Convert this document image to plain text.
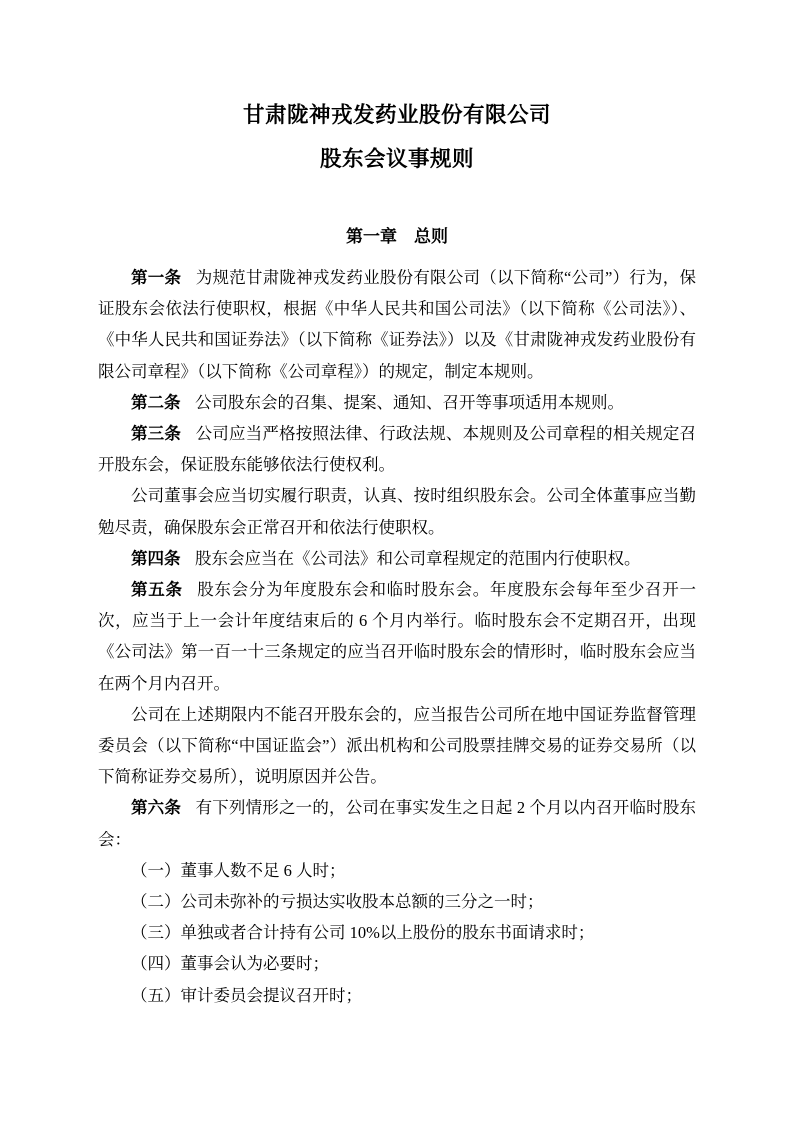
甘肃陇神戎发药业股份有限公司
股东会议事规则
第一章　总则

第一条 为规范甘肃陇神戎发药业股份有限公司（以下简称“公司”）行为，保证股东会依法行使职权，根据《中华人民共和国公司法》（以下简称《公司法》）、《中华人民共和国证券法》（以下简称《证券法》）以及《甘肃陇神戎发药业股份有限公司章程》（以下简称《公司章程》）的规定，制定本规则。

第二条 公司股东会的召集、提案、通知、召开等事项适用本规则。

第三条 公司应当严格按照法律、行政法规、本规则及公司章程的相关规定召开股东会，保证股东能够依法行使权利。

公司董事会应当切实履行职责，认真、按时组织股东会。公司全体董事应当勤勉尽责，确保股东会正常召开和依法行使职权。

第四条 股东会应当在《公司法》和公司章程规定的范围内行使职权。

第五条 股东会分为年度股东会和临时股东会。年度股东会每年至少召开一次，应当于上一会计年度结束后的 6 个月内举行。临时股东会不定期召开，出现《公司法》第一百一十三条规定的应当召开临时股东会的情形时，临时股东会应当在两个月内召开。

公司在上述期限内不能召开股东会的，应当报告公司所在地中国证券监督管理委员会（以下简称“中国证监会”）派出机构和公司股票挂牌交易的证券交易所（以下简称证券交易所），说明原因并公告。

第六条 有下列情形之一的，公司在事实发生之日起 2 个月以内召开临时股东会：

（一）董事人数不足 6 人时；

（二）公司未弥补的亏损达实收股本总额的三分之一时；

（三）单独或者合计持有公司 10%以上股份的股东书面请求时；

（四）董事会认为必要时；

（五）审计委员会提议召开时；
